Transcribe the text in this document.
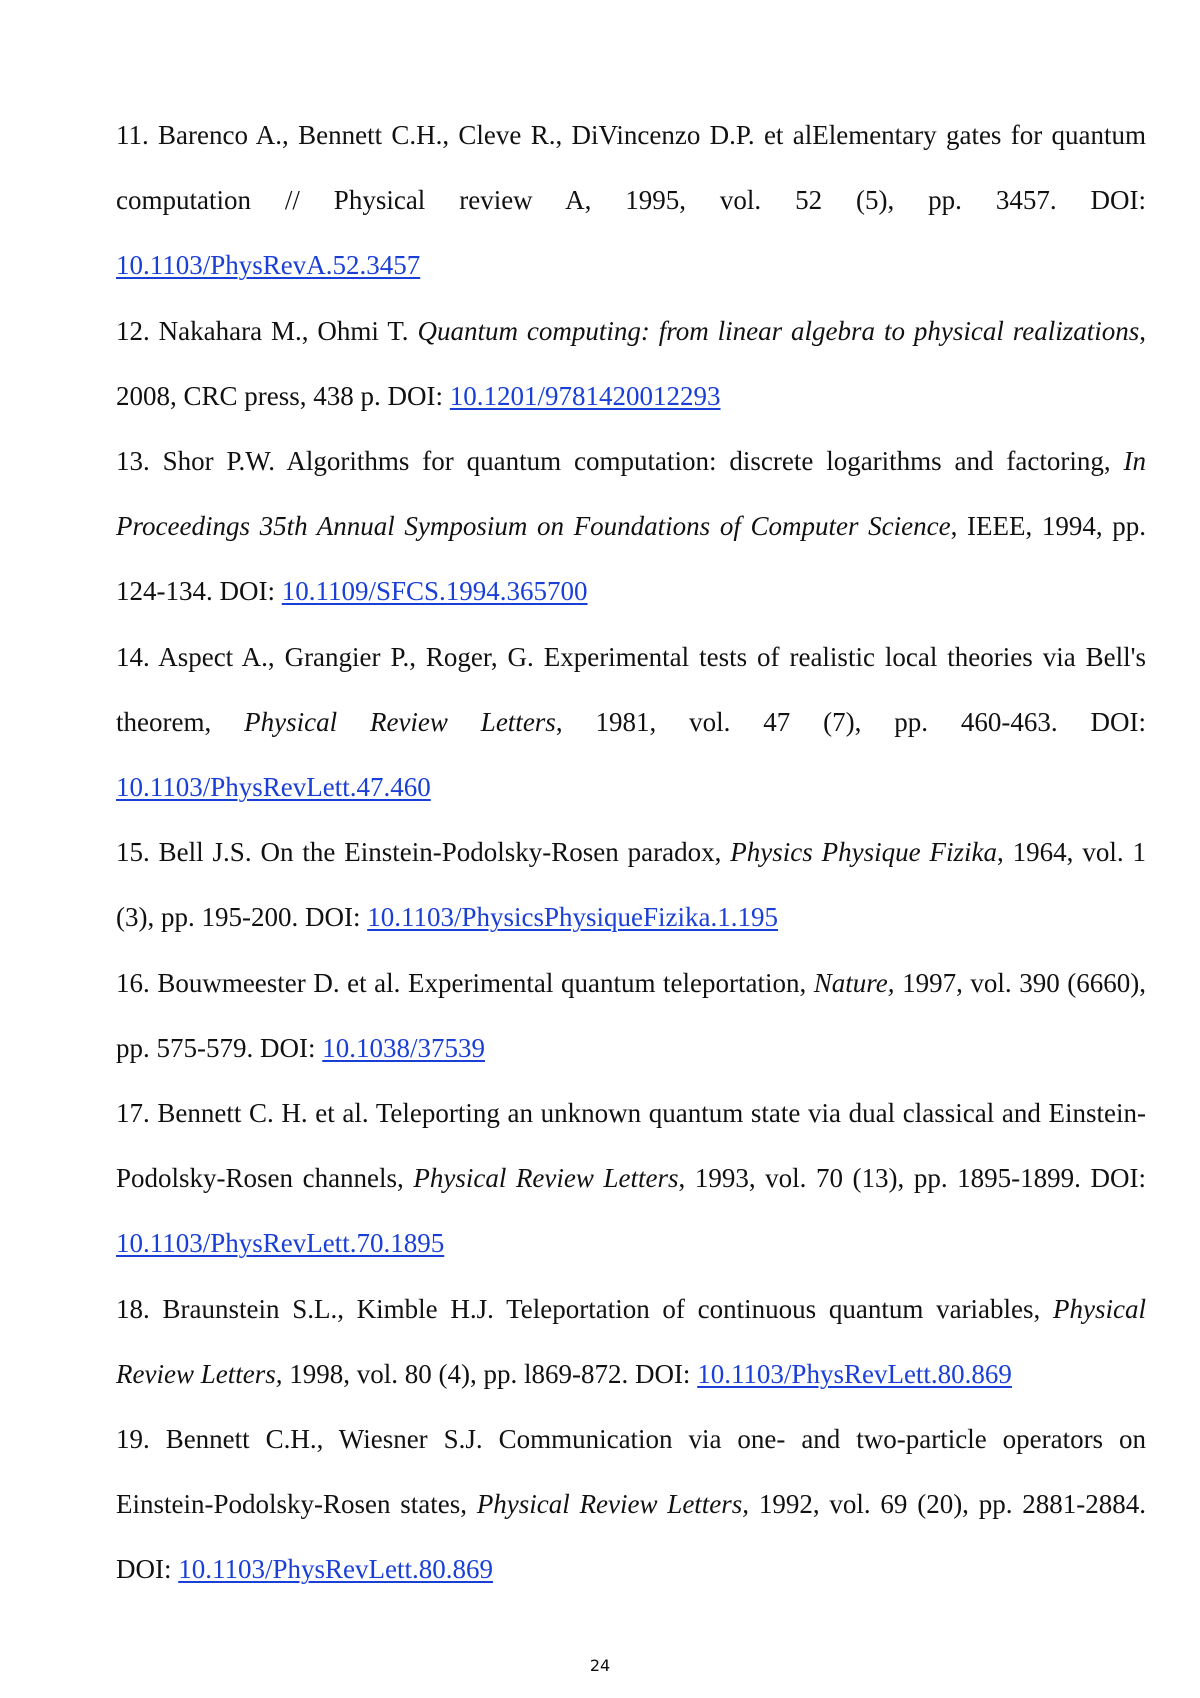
11. Barenco A., Bennett C.H., Cleve R., DiVincenzo D.P. et alElementary gates for quantum computation // Physical review A, 1995, vol. 52 (5), pp. 3457. DOI: 10.1103/PhysRevA.52.3457

12. Nakahara M., Ohmi T. Quantum computing: from linear algebra to physical realizations, 2008, CRC press, 438 p. DOI: 10.1201/9781420012293

13. Shor P.W. Algorithms for quantum computation: discrete logarithms and factoring, In Proceedings 35th Annual Symposium on Foundations of Computer Science, IEEE, 1994, pp. 124-134. DOI: 10.1109/SFCS.1994.365700

14. Aspect A., Grangier P., Roger, G. Experimental tests of realistic local theories via Bell's theorem, Physical Review Letters, 1981, vol. 47 (7), pp. 460-463. DOI: 10.1103/PhysRevLett.47.460

15. Bell J.S. On the Einstein-Podolsky-Rosen paradox, Physics Physique Fizika, 1964, vol. 1 (3), pp. 195-200. DOI: 10.1103/PhysicsPhysiqueFizika.1.195

16. Bouwmeester D. et al. Experimental quantum teleportation, Nature, 1997, vol. 390 (6660), pp. 575-579. DOI: 10.1038/37539

17. Bennett C. H. et al. Teleporting an unknown quantum state via dual classical and Einstein-Podolsky-Rosen channels, Physical Review Letters, 1993, vol. 70 (13), pp. 1895-1899. DOI: 10.1103/PhysRevLett.70.1895

18. Braunstein S.L., Kimble H.J. Teleportation of continuous quantum variables, Physical Review Letters, 1998, vol. 80 (4), pp. l869-872. DOI: 10.1103/PhysRevLett.80.869

19. Bennett C.H., Wiesner S.J. Communication via one- and two-particle operators on Einstein-Podolsky-Rosen states, Physical Review Letters, 1992, vol. 69 (20), pp. 2881-2884. DOI: 10.1103/PhysRevLett.80.869

24
